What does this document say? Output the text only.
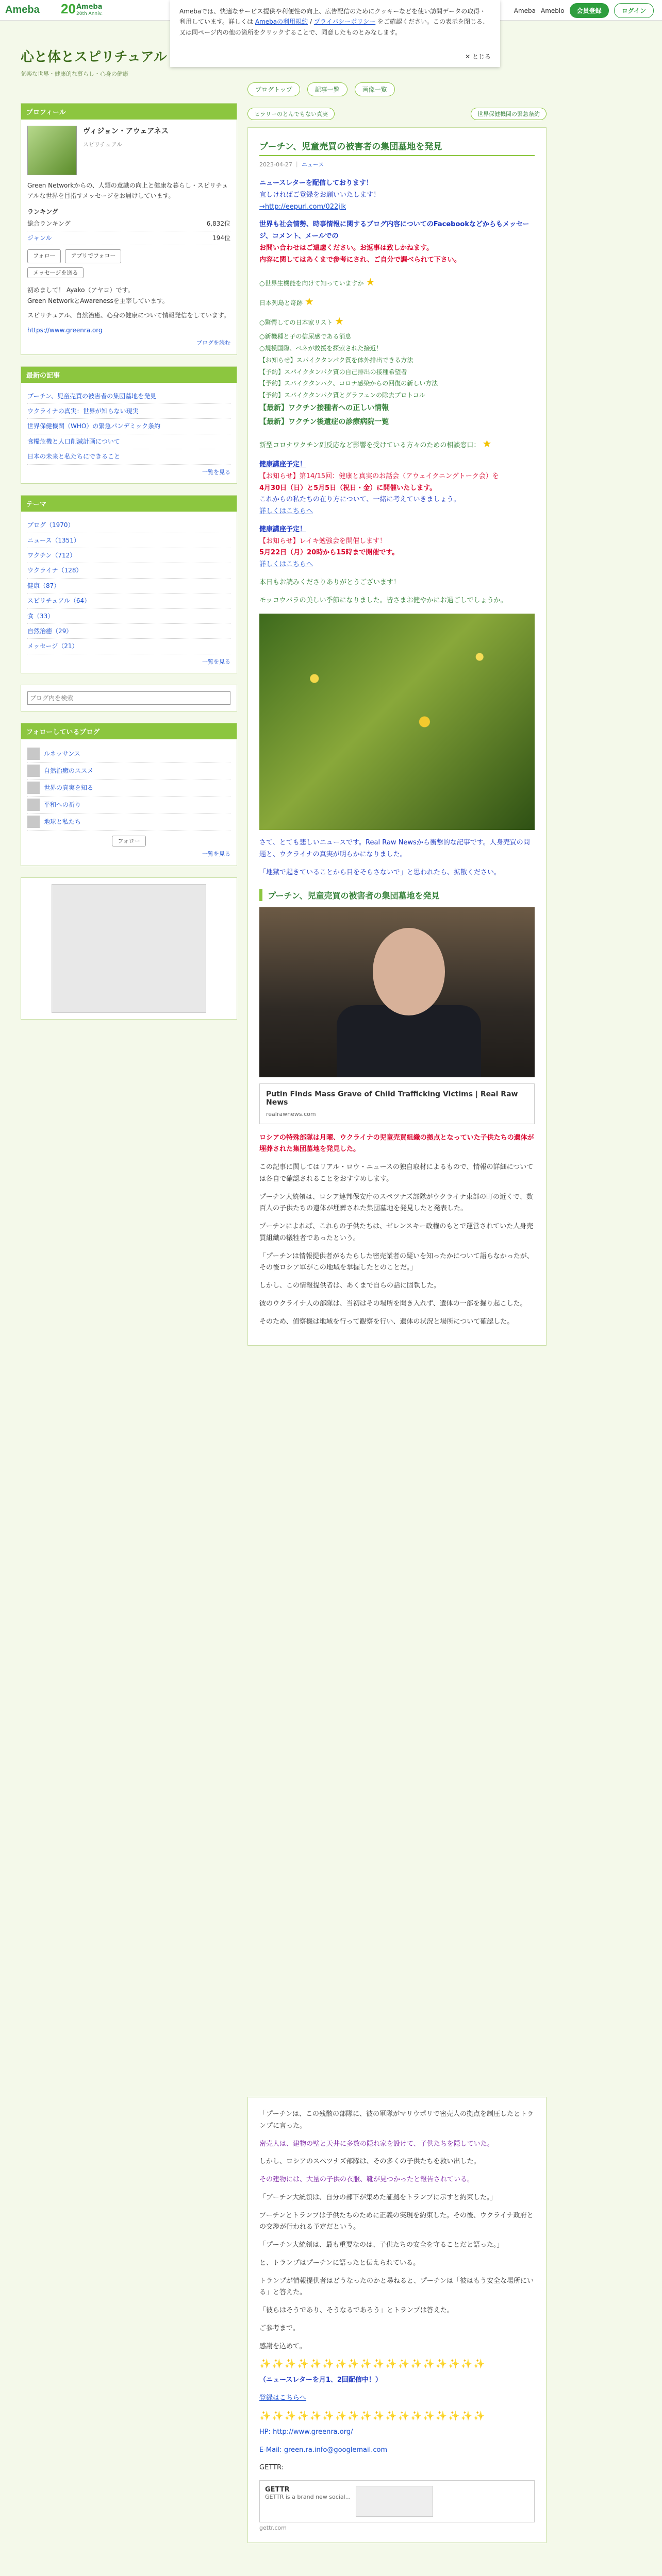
Ameba 20 Ameba
20th Anniv.	Ameba Ameblo	会員登録	ログイン
Amebaでは、快適なサービス提供や利便性の向上、広告配信のためにクッキーなどを使い訪問データの取得・利用しています。詳しくは Amebaの利用規約 / プライバシーポリシー をご確認ください。この表示を閉じる、又は同ページ内の他の箇所をクリックすることで、同意したものとみなします。
✕ とじる
心と体とスピリチュアル
気楽な世界・健康的な暮らし・心身の健康
プロフィール
ヴィジョン・アウェアネス
スピリチュアル
Green Networkからの、人類の意識の向上と健康な暮らし・スピリチュアルな世界を目指すメッセージをお届けしています。
ランキング
総合ランキング	6,832位
ジャンル	194位
フォロー	アプリでフォロー
メッセージを送る
初めまして！ Ayako（アヤコ）です。
Green NetworkとAwarenessを主宰しています。
スピリチュアル、自然治癒、心身の健康について情報発信をしています。
https://www.greenra.org
ブログを読む
最新の記事
プーチン、児童売買の被害者の集団墓地を発見
ウクライナの真実：世界が知らない現実
世界保健機関（WHO）の緊急パンデミック条約
食糧危機と人口削減計画について
日本の未来と私たちにできること
一覧を見る
テーマ
ブログ（1970）
ニュース（1351）
ワクチン（712）
ウクライナ（128）
健康（87）
スピリチュアル（64）
食（33）
自然治癒（29）
メッセージ（21）
一覧を見る
ブログ内を検索
フォローしているブログ
ルネッサンス
自然治癒のススメ
世界の真実を知る
平和への祈り
地球と私たち
フォロー
一覧を見る
ブログトップ	記事一覧	画像一覧
ヒラリーのとんでもない真実	世界保健機関の緊急条約
プーチン、児童売買の被害者の集団墓地を発見
2023-04-27 ｜ ニュース
ニュースレターを配信しております！
宜しければご登録をお願いいたします！
→http://eepurl.com/022jlk
世界も社会情勢、時事情報に関するブログ内容についてのFacebookなどからもメッセージ、コメント、メールでの
お問い合わせはご遠慮ください。お返事は致しかねます。
内容に関してはあくまで参考にされ、ご自分で調べられて下さい。
○世界生機能を向けて知っていますか ★
日本列島と奇跡 ★
○驚愕しての日本家リスト ★
○新機種と子の信尿感である消息
○規模国際、ベネが救援を探索された接近！
【お知らせ】スパイクタンパク質を体外排出できる方法
【予約】スパイクタンパク質の自己排出の接種希望者
【予約】スパイクタンパク、コロナ感染からの回復の新しい方法
【予約】スパイクタンパク質とグラフェンの除去プロトコル
【最新】ワクチン接種者への正しい情報
【最新】ワクチン後遺症の診療病院一覧
新型コロナワクチン副反応など影響を受けている方々のための相談窓口： ★
健康講座予定！
【お知らせ】第14/15回：健康と真実のお話会（アウェイクニングトーク会）を
4月30日（日）と5月5日（祝日・金）に開催いたします。
これからの私たちの在り方について、一緒に考えていきましょう。
詳しくはこちらへ
健康講座予定！
【お知らせ】レイキ勉強会を開催します！
5月22日（月）20時から15時まで開催です。
詳しくはこちらへ
本日もお読みくださりありがとうございます！
モッコウバラの美しい季節になりました。皆さまお健やかにお過ごしでしょうか。
さて、とても悲しいニュースです。Real Raw Newsから衝撃的な記事です。人身売買の問題と、ウクライナの真実が明らかになりました。
「地獄で起きていることから目をそらさないで」と思われたら、拡散ください。
プーチン、児童売買の被害者の集団墓地を発見
Putin Finds Mass Grave of Child Trafficking Victims | Real Raw News
realrawnews.com
ロシアの特殊部隊は月曜、ウクライナの児童売買組織の拠点となっていた子供たちの遺体が埋葬された集団墓地を発見した。
この記事に関してはリアル・ロウ・ニュースの独自取材によるもので、情報の詳細については各自で確認されることをおすすめします。
プーチン大統領は、ロシア連邦保安庁のスペツナズ部隊がウクライナ東部の町の近くで、数百人の子供たちの遺体が埋葬された集団墓地を発見したと発表した。
プーチンによれば、これらの子供たちは、ゼレンスキー政権のもとで運営されていた人身売買組織の犠牲者であったという。
「プーチンは情報提供者がもたらした密売業者の疑いを知ったかについて語らなかったが、その後ロシア軍がこの地域を掌握したとのことだ。」
しかし、この情報提供者は、あくまで自らの話に固執した。
彼のウクライナ人の部隊は、当初はその場所を聞き入れず、遺体の一部を掘り起こした。
そのため、偵察機は地域を行って観察を行い、遺体の状況と場所について確認した。
「プーチンは、この残骸の部隊に、彼の軍隊がマリウポリで密売人の拠点を制圧したとトランプに言った。
密売人は、建物の壁と天井に多数の隠れ家を設けて、子供たちを隠していた。
しかし、ロシアのスペツナズ部隊は、その多くの子供たちを救い出した。
その建物には、大量の子供の衣服、靴が見つかったと報告されている。
「プーチン大統領は、自分の部下が集めた証拠をトランプに示すと約束した。」
プーチンとトランプは子供たちのために正義の実現を約束した。その後、ウクライナ政府との交渉が行われる予定だという。
「プーチン大統領は、最も重要なのは、子供たちの安全を守ることだと語った。」
と、トランプはプーチンに語ったと伝えられている。
トランプが情報提供者はどうなったのかと尋ねると、プーチンは「彼はもう安全な場所にいる」と答えた。
「彼らはそうであり、そうなるであろう」とトランプは答えた。
ご参考まで。
感謝を込めて。
✨✨✨✨✨✨✨✨✨✨✨✨✨✨✨✨✨✨
（ニュースレターを月1、2回配信中！）
登録はこちらへ
✨✨✨✨✨✨✨✨✨✨✨✨✨✨✨✨✨✨
HP: http://www.greenra.org/
E-Mail: green.ra.info@googlemail.com
GETTR:
GETTR
GETTR is a brand new social...
gettr.com
